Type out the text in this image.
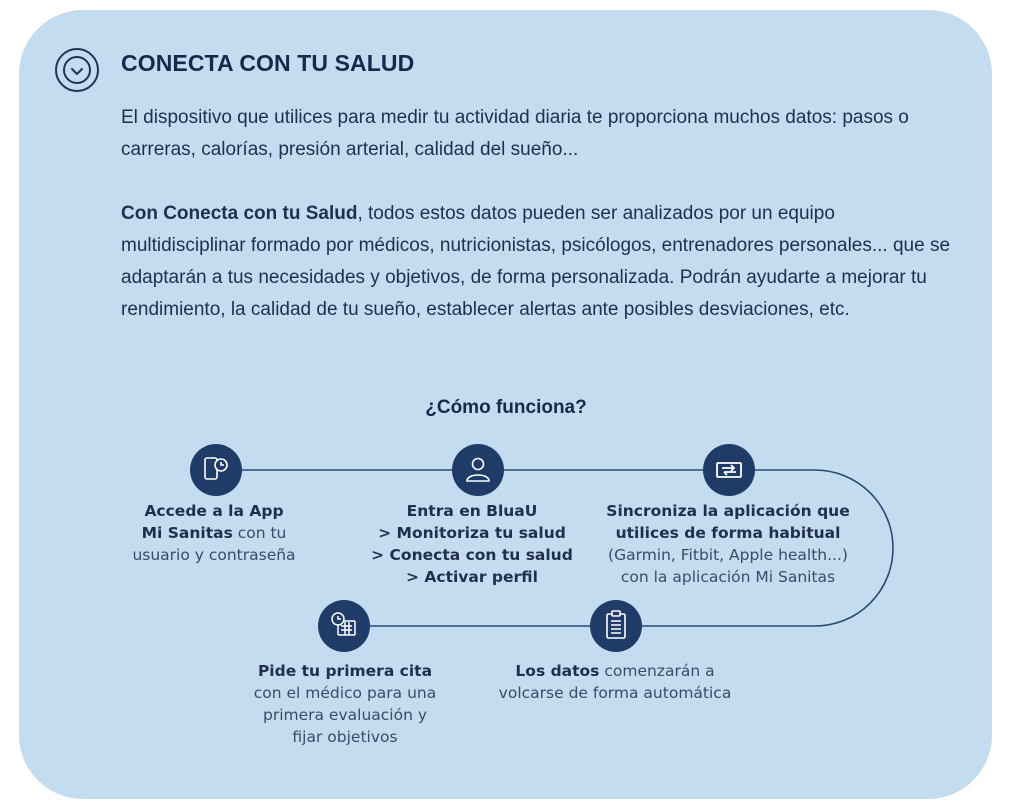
CONECTA CON TU SALUD

El dispositivo que utilices para medir tu actividad diaria te proporciona muchos datos: pasos o carreras, calorías, presión arterial, calidad del sueño...

Con Conecta con tu Salud, todos estos datos pueden ser analizados por un equipo multidisciplinar formado por médicos, nutricionistas, psicólogos, entrenadores personales... que se adaptarán a tus necesidades y objetivos, de forma personalizada. Podrán ayudarte a mejorar tu rendimiento, la calidad de tu sueño, establecer alertas ante posibles desviaciones, etc.

¿Cómo funciona?
Accede a la App
Mi Sanitas con tu
usuario y contraseña
Entra en BluaU
> Monitoriza tu salud
> Conecta con tu salud
> Activar perfil
Sincroniza la aplicación que
utilices de forma habitual
(Garmin, Fitbit, Apple health...)
con la aplicación Mi Sanitas
Pide tu primera cita
con el médico para una
primera evaluación y
fijar objetivos
Los datos comenzarán a
volcarse de forma automática
